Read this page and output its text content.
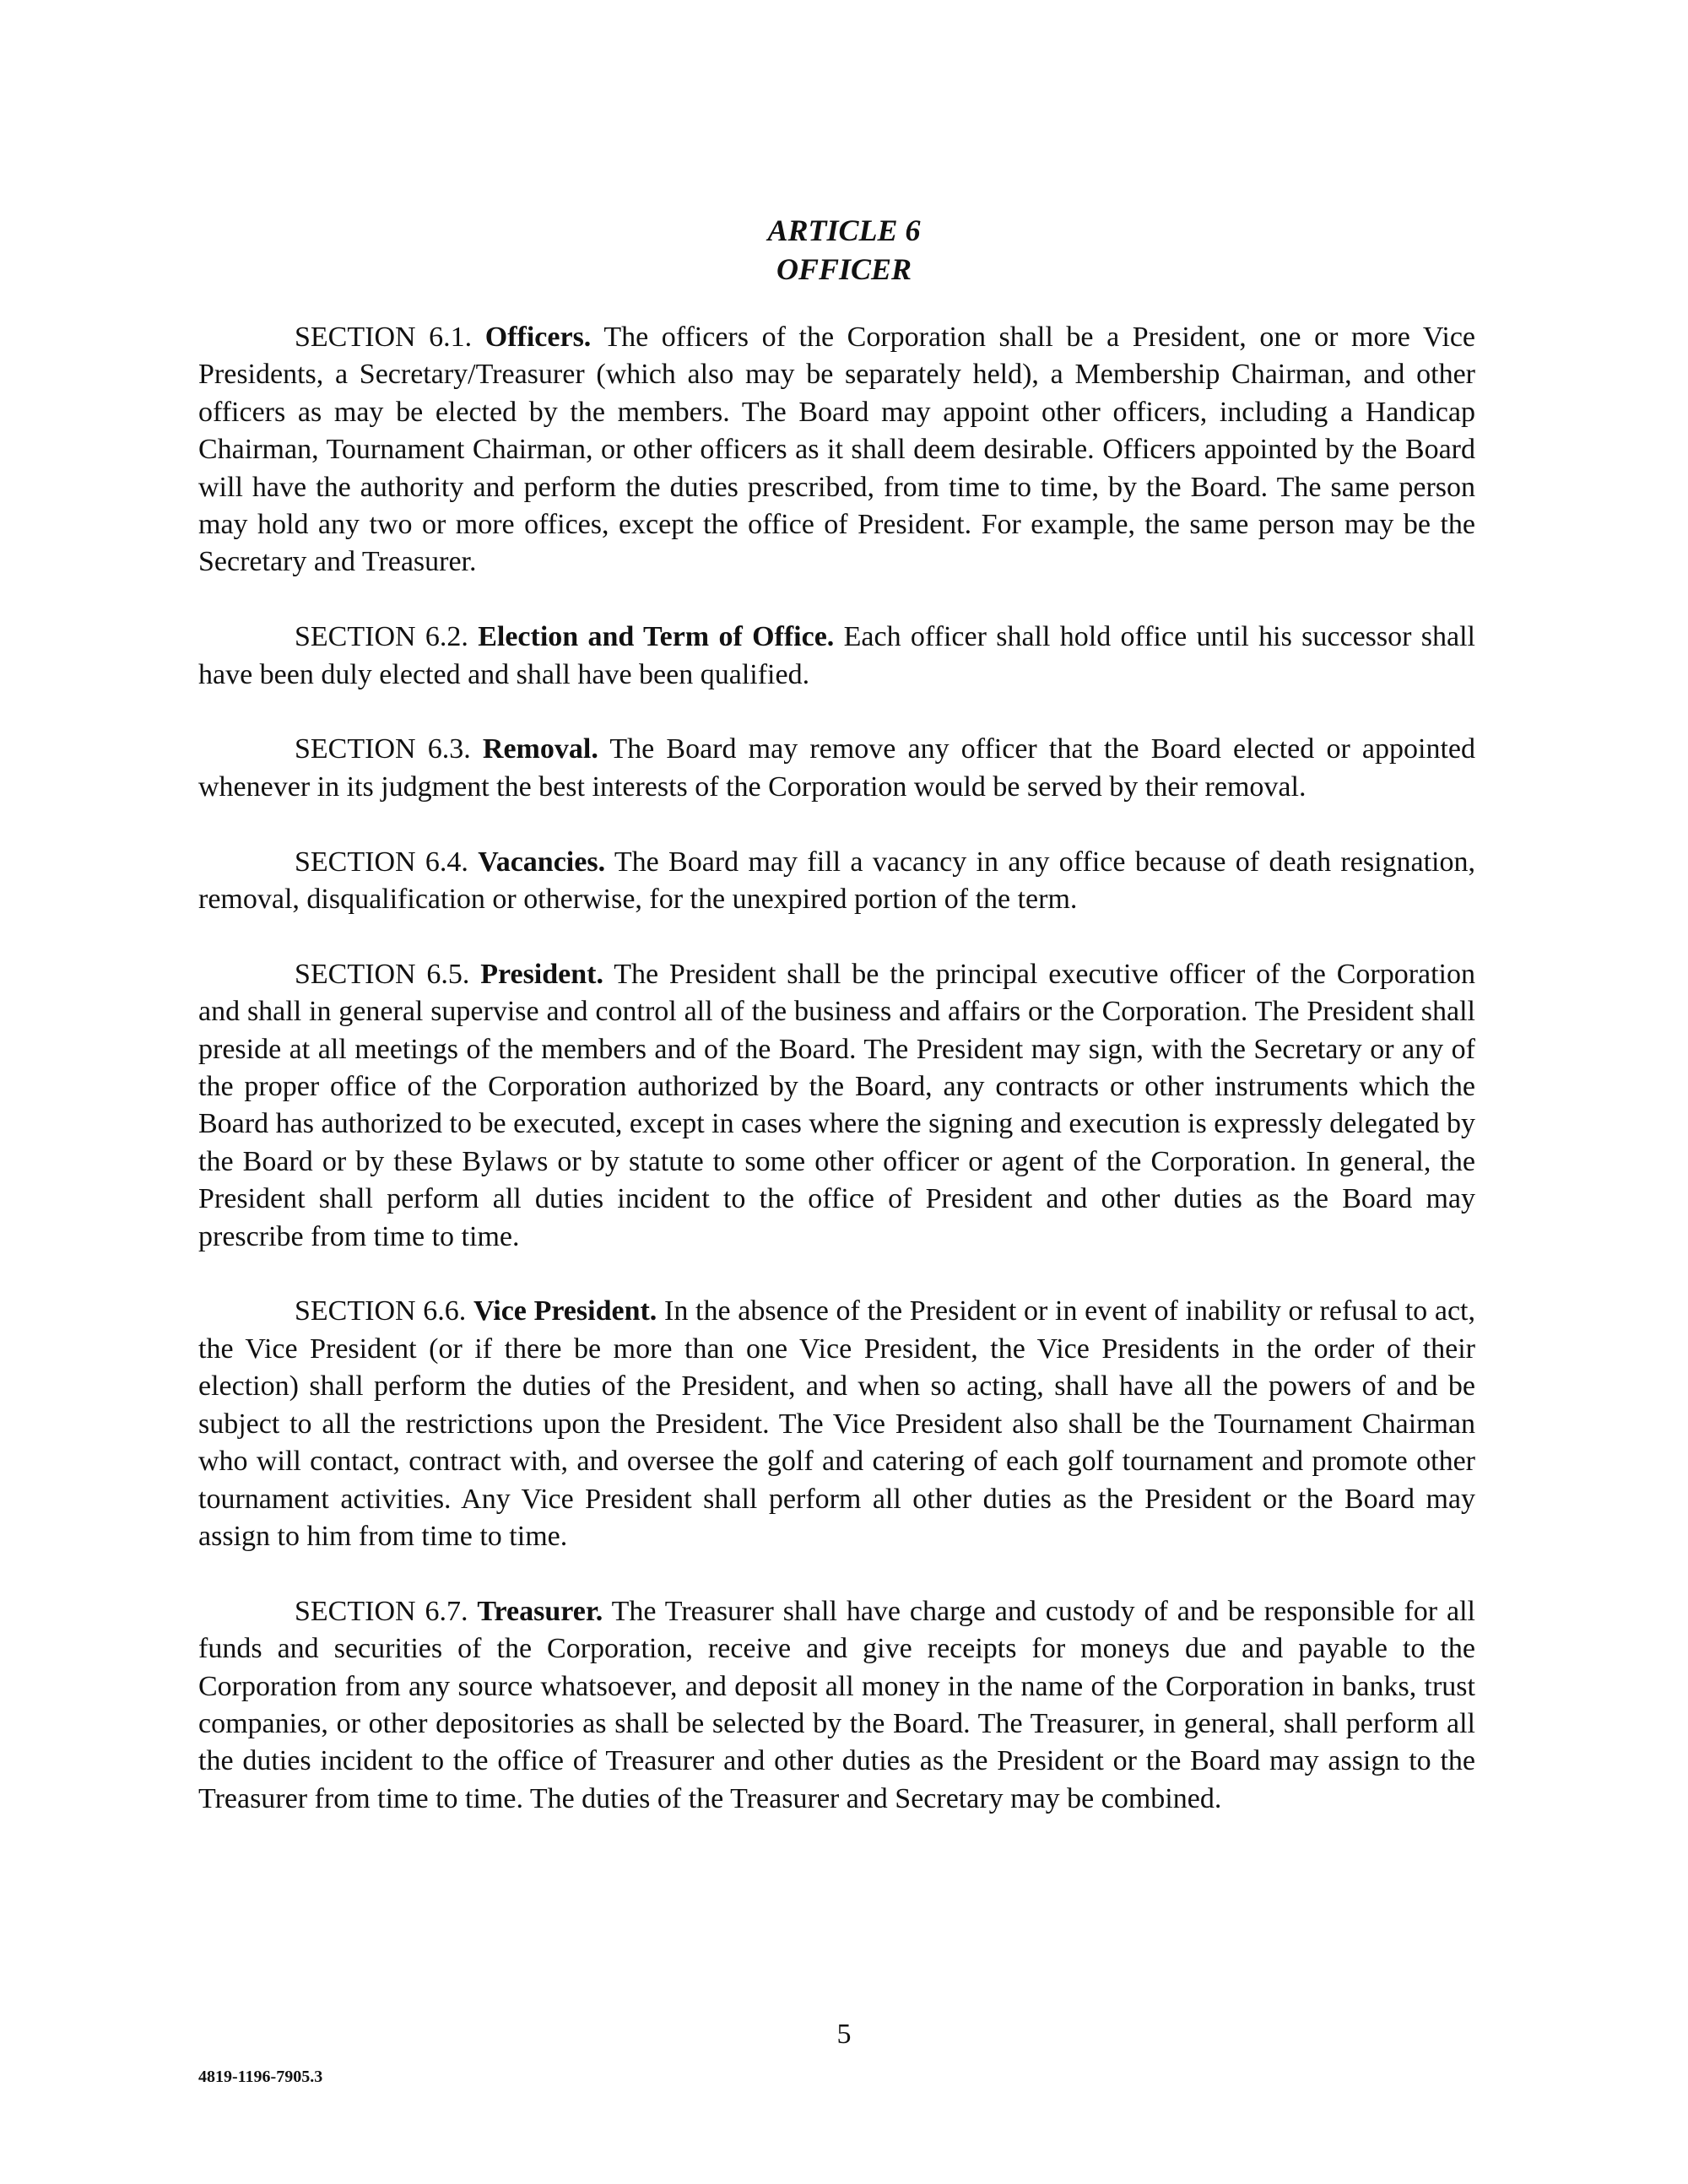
ARTICLE 6
OFFICER

SECTION 6.1. Officers. The officers of the Corporation shall be a President, one or more Vice Presidents, a Secretary/Treasurer (which also may be separately held), a Membership Chairman, and other officers as may be elected by the members. The Board may appoint other officers, including a Handicap Chairman, Tournament Chairman, or other officers as it shall deem desirable. Officers appointed by the Board will have the authority and perform the duties prescribed, from time to time, by the Board. The same person may hold any two or more offices, except the office of President. For example, the same person may be the Secretary and Treasurer.

SECTION 6.2. Election and Term of Office. Each officer shall hold office until his successor shall have been duly elected and shall have been qualified.

SECTION 6.3. Removal. The Board may remove any officer that the Board elected or appointed whenever in its judgment the best interests of the Corporation would be served by their removal.

SECTION 6.4. Vacancies. The Board may fill a vacancy in any office because of death resignation, removal, disqualification or otherwise, for the unexpired portion of the term.

SECTION 6.5. President. The President shall be the principal executive officer of the Corporation and shall in general supervise and control all of the business and affairs or the Corporation. The President shall preside at all meetings of the members and of the Board. The President may sign, with the Secretary or any of the proper office of the Corporation authorized by the Board, any contracts or other instruments which the Board has authorized to be executed, except in cases where the signing and execution is expressly delegated by the Board or by these Bylaws or by statute to some other officer or agent of the Corporation. In general, the President shall perform all duties incident to the office of President and other duties as the Board may prescribe from time to time.

SECTION 6.6. Vice President. In the absence of the President or in event of inability or refusal to act, the Vice President (or if there be more than one Vice President, the Vice Presidents in the order of their election) shall perform the duties of the President, and when so acting, shall have all the powers of and be subject to all the restrictions upon the President. The Vice President also shall be the Tournament Chairman who will contact, contract with, and oversee the golf and catering of each golf tournament and promote other tournament activities. Any Vice President shall perform all other duties as the President or the Board may assign to him from time to time.

SECTION 6.7. Treasurer. The Treasurer shall have charge and custody of and be responsible for all funds and securities of the Corporation, receive and give receipts for moneys due and payable to the Corporation from any source whatsoever, and deposit all money in the name of the Corporation in banks, trust companies, or other depositories as shall be selected by the Board. The Treasurer, in general, shall perform all the duties incident to the office of Treasurer and other duties as the President or the Board may assign to the Treasurer from time to time. The duties of the Treasurer and Secretary may be combined.

5
4819-1196-7905.3
